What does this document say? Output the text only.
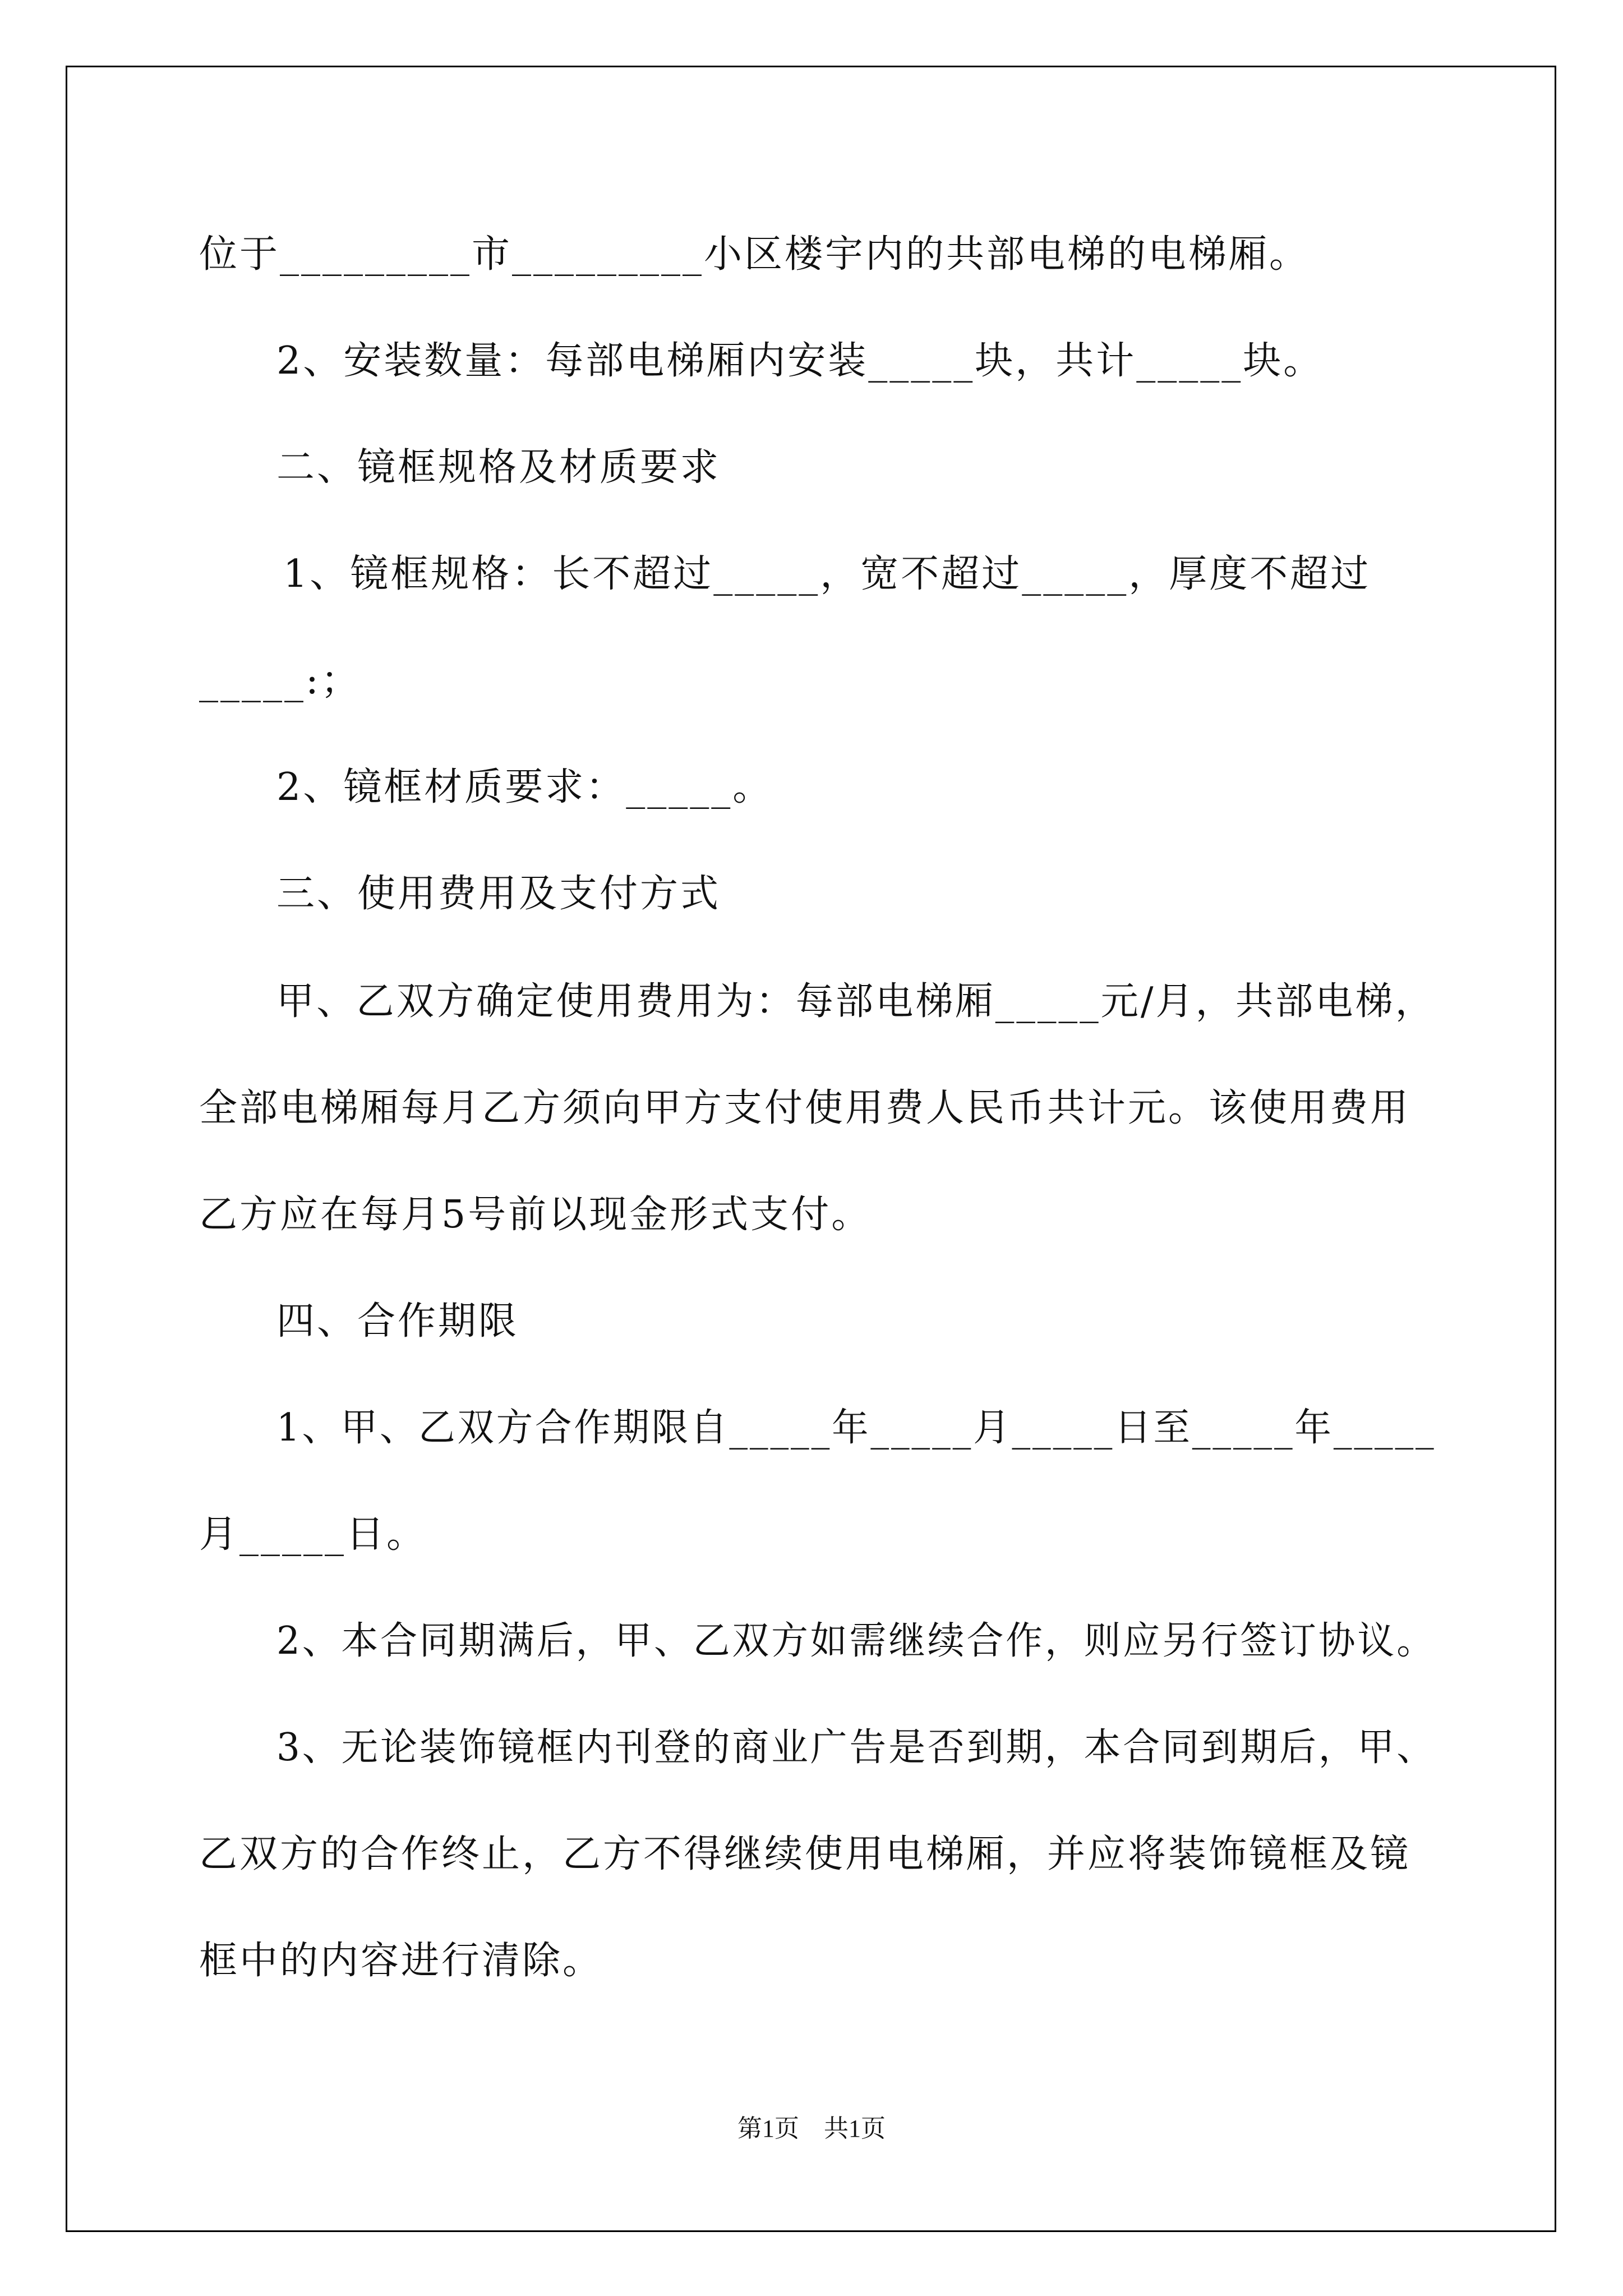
位于_________市_________小区楼宇内的共部电梯的电梯厢。
2、安装数量：每部电梯厢内安装_____块，共计_____块。
二、镜框规格及材质要求
1、镜框规格：长不超过_____，宽不超过_____，厚度不超过
_____:；
2、镜框材质要求：_____。
三、使用费用及支付方式
甲、乙双方确定使用费用为：每部电梯厢_____元/月，共部电梯，
全部电梯厢每月乙方须向甲方支付使用费人民币共计元。该使用费用
乙方应在每月5号前以现金形式支付。
四、合作期限
1、甲、乙双方合作期限自_____年_____月_____日至_____年_____
月_____日。
2、本合同期满后，甲、乙双方如需继续合作，则应另行签订协议。
3、无论装饰镜框内刊登的商业广告是否到期，本合同到期后，甲、
乙双方的合作终止，乙方不得继续使用电梯厢，并应将装饰镜框及镜
框中的内容进行清除。
第1页　共1页
